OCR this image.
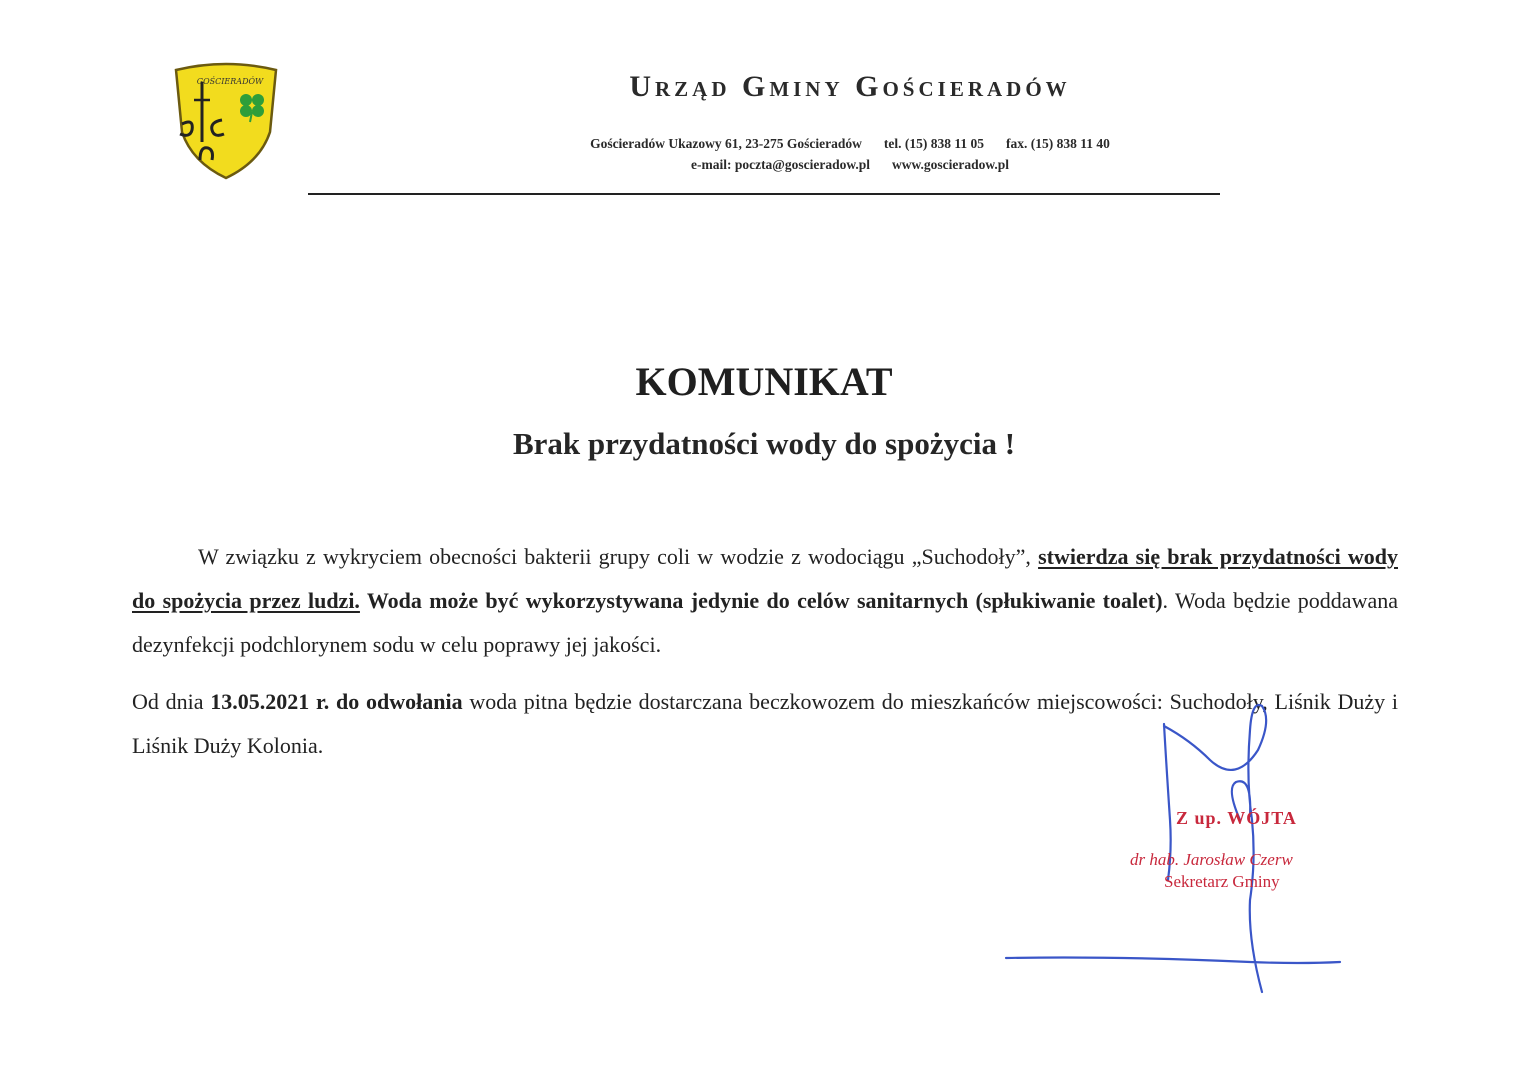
GOŚCIERADÓW	Urząd Gminy Gościeradów
Gościeradów Ukazowy 61, 23-275 Gościeradów tel. (15) 838 11 05 fax. (15) 838 11 40
e-mail: poczta@goscieradow.pl www.goscieradow.pl
KOMUNIKAT
Brak przydatności wody do spożycia !
W związku z wykryciem obecności bakterii grupy coli w wodzie z wodociągu „Suchodoły”, stwierdza się brak przydatności wody do spożycia przez ludzi. Woda może być wykorzystywana jedynie do celów sanitarnych (spłukiwanie toalet). Woda będzie poddawana dezynfekcji podchlorynem sodu w celu poprawy jej jakości.
Od dnia 13.05.2021 r. do odwołania woda pitna będzie dostarczana beczkowozem do mieszkańców miejscowości: Suchodoły, Liśnik Duży i Liśnik Duży Kolonia.
Z up. WÓJTA
dr hab. Jarosław Czerw
Sekretarz Gminy
